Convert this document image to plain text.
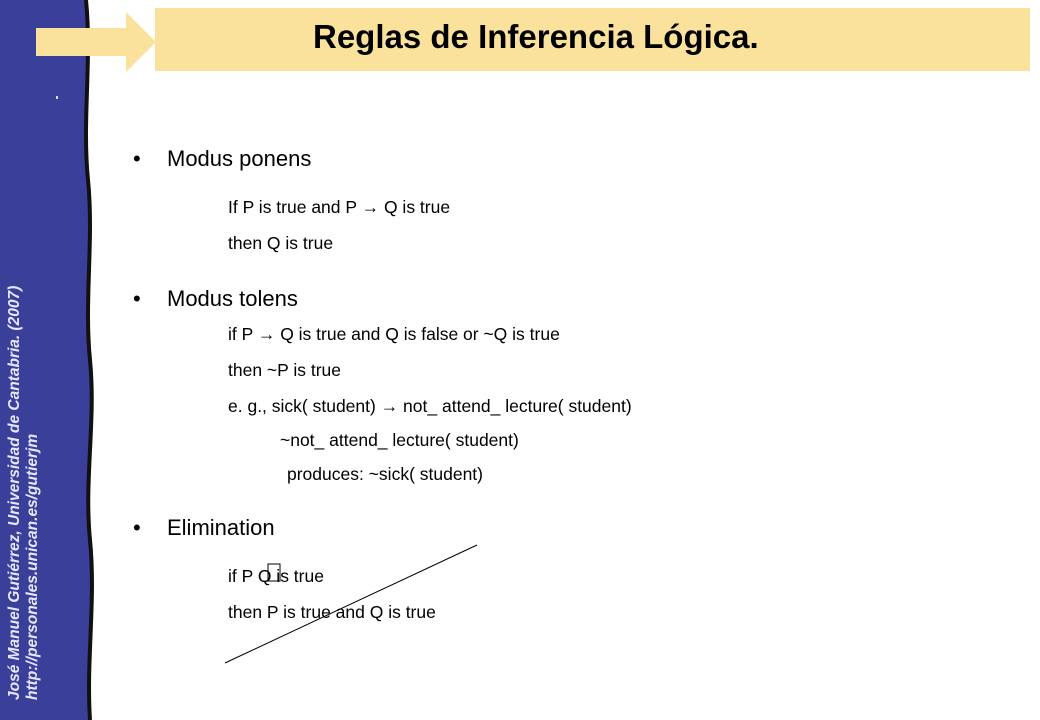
José Manuel Gutiérrez, Universidad de Cantabria. (2007) http://personales.unican.es/gutierjm
Reglas de Inferencia Lógica.
• Modus ponens
If P is true and P → Q is true
then Q is true
• Modus tolens
if P → Q is true and Q is false or ~Q is true
then ~P is true
e. g., sick( student) → not_ attend_ lecture( student)
~not_ attend_ lecture( student)
produces: ~sick( student)
• Elimination
if P Q is true
then P is true and Q is true
